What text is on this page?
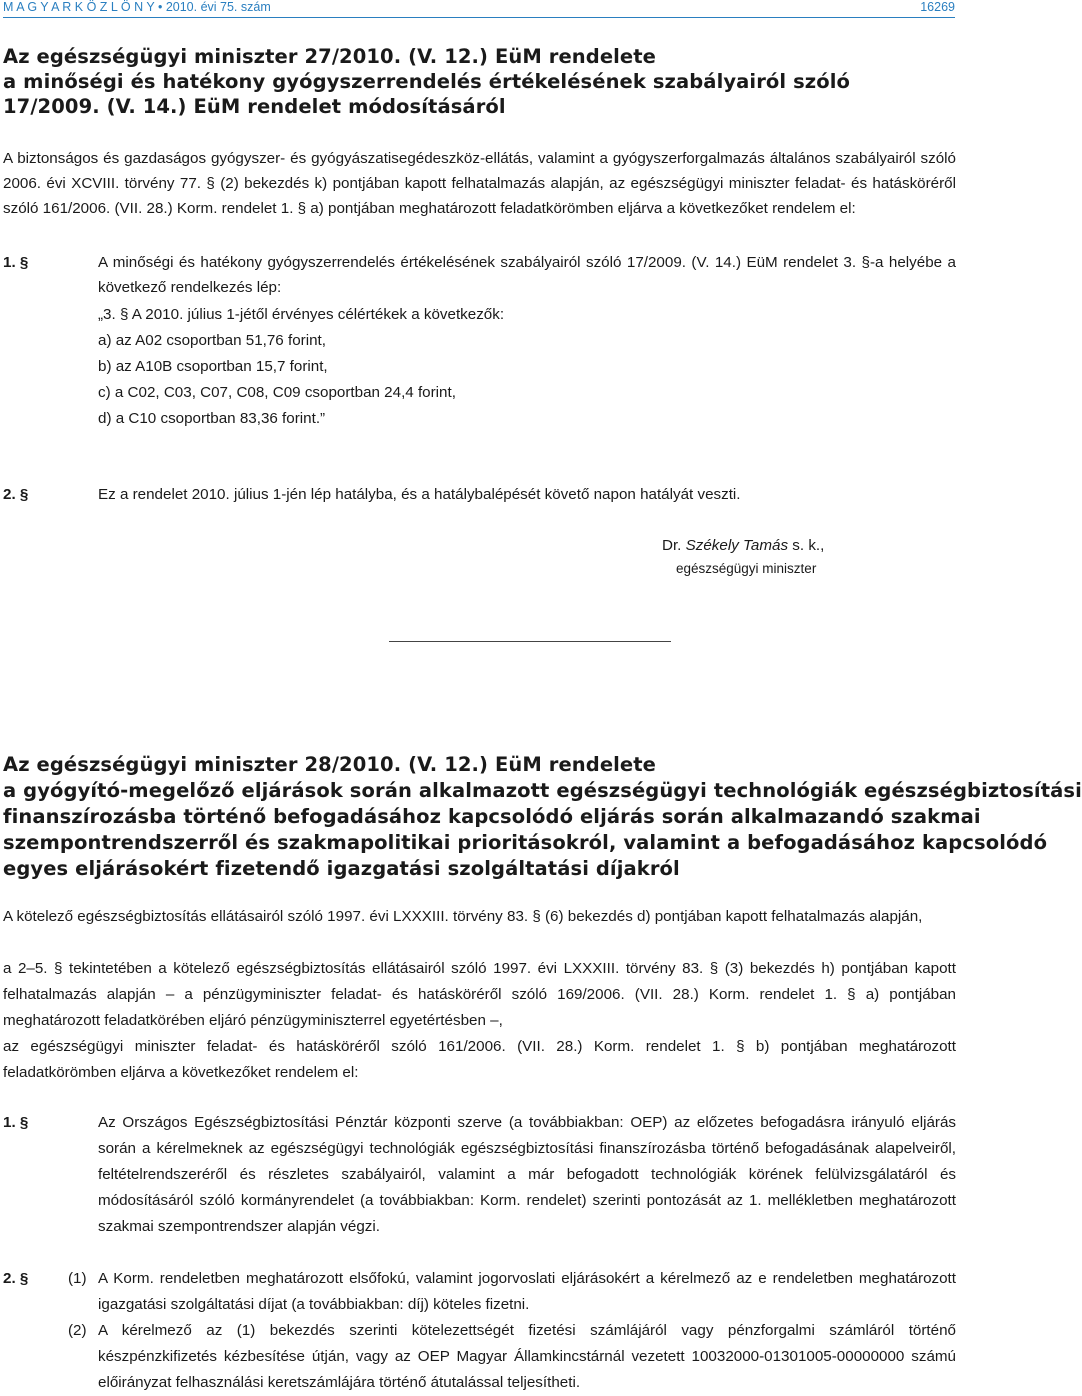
M A G Y A R K Ö Z L Ö N Y • 2010. évi 75. szám	16269
Az egészségügyi miniszter 27/2010. (V. 12.) EüM rendelete
a minőségi és hatékony gyógyszerrendelés értékelésének szabályairól szóló
17/2009. (V. 14.) EüM rendelet módosításáról
A biztonságos és gazdaságos gyógyszer- és gyógyászatisegédeszköz-ellátás, valamint a gyógyszerforgalmazás általános szabályairól szóló 2006. évi XCVIII. törvény 77. § (2) bekezdés k) pontjában kapott felhatalmazás alapján, az egészségügyi miniszter feladat- és hatásköréről szóló 161/2006. (VII. 28.) Korm. rendelet 1. § a) pontjában meghatározott feladatkörömben eljárva a következőket rendelem el:
1. §	A minőségi és hatékony gyógyszerrendelés értékelésének szabályairól szóló 17/2009. (V. 14.) EüM rendelet 3. §-a helyébe a következő rendelkezés lép:
„3. § A 2010. július 1-jétől érvényes célértékek a következők:
a) az A02 csoportban 51,76 forint,
b) az A10B csoportban 15,7 forint,
c) a C02, C03, C07, C08, C09 csoportban 24,4 forint,
d) a C10 csoportban 83,36 forint.”
2. §	Ez a rendelet 2010. július 1-jén lép hatályba, és a hatálybalépését követő napon hatályát veszti.
Dr. Székely Tamás s. k.,
egészségügyi miniszter
Az egészségügyi miniszter 28/2010. (V. 12.) EüM rendelete
a gyógyító-megelőző eljárások során alkalmazott egészségügyi technológiák egészségbiztosítási
finanszírozásba történő befogadásához kapcsolódó eljárás során alkalmazandó szakmai
szempontrendszerről és szakmapolitikai prioritásokról, valamint a befogadásához kapcsolódó
egyes eljárásokért fizetendő igazgatási szolgáltatási díjakról
A kötelező egészségbiztosítás ellátásairól szóló 1997. évi LXXXIII. törvény 83. § (6) bekezdés d) pontjában kapott felhatalmazás alapján,
a 2–5. § tekintetében a kötelező egészségbiztosítás ellátásairól szóló 1997. évi LXXXIII. törvény 83. § (3) bekezdés h) pontjában kapott felhatalmazás alapján – a pénzügyminiszter feladat- és hatásköréről szóló 169/2006. (VII. 28.) Korm. rendelet 1. § a) pontjában meghatározott feladatkörében eljáró pénzügyminiszterrel egyetértésben –,
az egészségügyi miniszter feladat- és hatásköréről szóló 161/2006. (VII. 28.) Korm. rendelet 1. § b) pontjában meghatározott feladatkörömben eljárva a következőket rendelem el:
1. §	Az Országos Egészségbiztosítási Pénztár központi szerve (a továbbiakban: OEP) az előzetes befogadásra irányuló eljárás során a kérelmeknek az egészségügyi technológiák egészségbiztosítási finanszírozásba történő befogadásának alapelveiről, feltételrendszeréről és részletes szabályairól, valamint a már befogadott technológiák körének felülvizsgálatáról és módosításáról szóló kormányrendelet (a továbbiakban: Korm. rendelet) szerinti pontozását az 1. mellékletben meghatározott szakmai szempontrendszer alapján végzi.
2. §	(1) A Korm. rendeletben meghatározott elsőfokú, valamint jogorvoslati eljárásokért a kérelmező az e rendeletben meghatározott igazgatási szolgáltatási díjat (a továbbiakban: díj) köteles fizetni.
(2) A kérelmező az (1) bekezdés szerinti kötelezettségét fizetési számlájáról vagy pénzforgalmi számláról történő készpénzkifizetés kézbesítése útján, vagy az OEP Magyar Államkincstárnál vezetett 10032000-01301005-00000000 számú előirányzat felhasználási keretszámlájára történő átutalással teljesítheti.
